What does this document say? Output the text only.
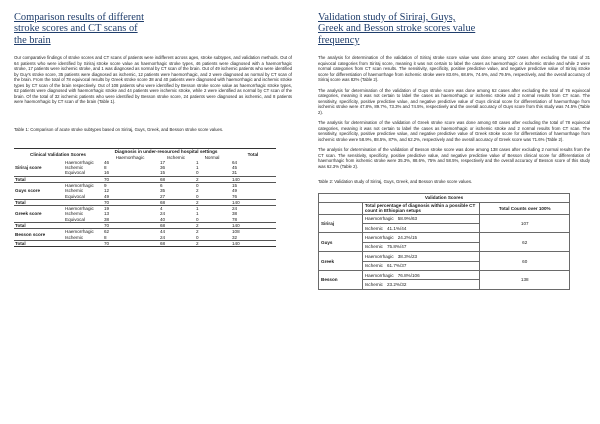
Comparison results of different
stroke scores and CT scans of
the brain

Our comparative findings of stroke scores and CT scans of patients were indifferent across ages, stroke subtypes, and validation methods. Out of 64 patients who were identified by Siriraj stroke score value as haemorrhagic stroke types, 46 patients were diagnosed with a haemorrhagic stroke, 17 patients were ischemic stroke, and 1 was diagnosed as normal by CT scan of the brain. Out of 49 ischemic patients who were identified by Guy's stroke score, 35 patients were diagnosed as ischemic, 12 patients were haemorrhagic, and 2 were diagnosed as normal by CT scan of the brain. From the total of 78 equivocal results by Greek stroke score 38 and 40 patients were diagnosed with haemorrhagic and ischemic stroke types by CT scan of the brain respectively. Out of 108 patients who were identified by Besson stroke score value as haemorrhagic stroke types, 62 patients were diagnosed with haemorrhagic stroke and 44 patients were ischemic stroke, while 2 were identified as normal by CT scan of the brain. Of the total of 32 ischemic patients who were identified by Besson stroke score, 24 patients were diagnosed as ischemic, and 8 patients were haemorrhagic by CT scan of the brain (Table 1).

Table 1: Comparison of acute stroke subtypes based on Siriraj, Guys, Greek, and Besson stroke score values.

Clinical Validation Scores		Diagnosis in under-resourced hospital settings			Total
		Haemorrhagic	Ischemic	Normal	
Siriraj score	Haemorrhagic	46	17	1	64
	Ischemic	8	36	1	45
	Equivocal	16	15	0	31
Total		70	68	2	140
Guys score	Haemorrhagic	9	6	0	15
	Ischemic	12	35	2	49
	Equivocal	49	27	0	76
Total		70	68	2	140
Greek score	Haemorrhagic	19	4	1	24
	Ischemic	13	24	1	38
	Equivocal	38	40	0	78
Total		70	68	2	140
Besson score	Haemorrhagic	62	44	2	108
	Ischemic	8	24	0	32
Total		70	68	2	140
Validation study of Siriraj, Guys,
Greek and Besson stroke scores value
frequency

The analysis for determination of the validation of Siriraj stroke score value was done among 107 cases after excluding the total of 31 equivocal categories from Siriraj score, meaning it was not certain to label the cases as haemorrhagic or ischemic stroke and while 2 were normal categories from CT scan results. The sensitivity, specificity, positive predictive value, and negative predictive value of Siriraj stroke score for differentiation of haemorrhage from ischemic stroke were 83.6%, 68.6%, 74.6%, and 79.5%, respectively, and the overall accuracy of Siriraj score was 82% (Table 2).

The analysis for determination of the validation of Guys stroke score was done among 62 cases after excluding the total of 76 equivocal categories, meaning it was not certain to label the cases as haemorrhagic or ischemic stroke and 2 normal results from CT scan. The sensitivity, specificity, positive predictive value, and negative predictive value of Guys clinical score for differentiation of haemorrhage from ischemic stroke were 47.8%, 89.7%, 73.3% and 74.5%, respectively and the overall accuracy of Guys score from this study was 74.5% (Table 2).

The analysis for determination of the validation of Greek stroke score was done among 60 cases after excluding the total of 78 equivocal categories, meaning it was not certain to label the cases as haemorrhagic or ischemic stroke and 2 normal results from CT scan. The sensitivity, specificity, positive predictive value, and negative predictive value of Greek stroke score for differentiation of haemorrhage from ischemic stroke were 58.9%, 88.5%, 87%, and 62.2%, respectively and the overall accuracy of Greek score was 71.6% (Table 2).

The analysis for determination of the validation of Besson stroke score was done among 138 cases after excluding 2 normal results from the CT scan. The sensitivity, specificity, positive predictive value, and negative predictive value of Besson clinical score for differentiation of haemorrhagic from ischemic stroke were 35.3%, 88.6%, 75% and 58.5%, respectively and the overall accuracy of Besson score of this study was 62.3% (Table 2).

Table 2: Validation study of Siriraj, Guys, Greek, and Besson stroke score values.

Validation Scores		
	Total percentage of diagnosis within a possible CT count in Ethiopian setups	Total Counts over 100%
Siriraj	Haemorrhagic 58.9%/63	107
	Ischemic 41.1%/44	
Guys	Haemorrhagic 24.2%/15	62
	Ischemic 75.8%/47	
Greek	Haemorrhagic 38.3%/23	60
	Ischemic 61.7%/37	
Besson	Haemorrhagic 76.8%/106	138
	Ischemic 23.2%/32	
